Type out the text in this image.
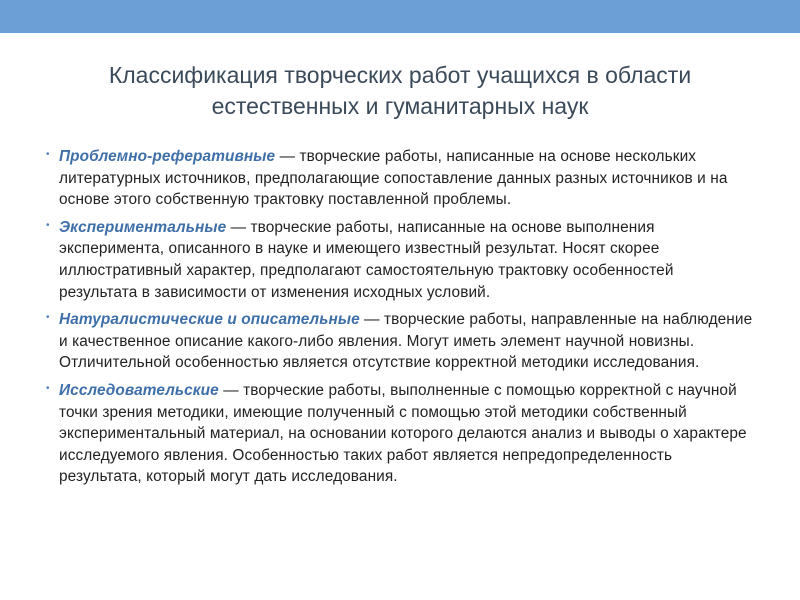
Классификация творческих работ учащихся в области естественных и гуманитарных наук
• Проблемно-реферативные — творческие работы, написанные на основе нескольких литературных источников, предполагающие сопоставление данных разных источников и на основе этого собственную трактовку поставленной проблемы.
• Экспериментальные — творческие работы, написанные на основе выполнения эксперимента, описанного в науке и имеющего известный результат. Носят скорее иллюстративный характер, предполагают самостоятельную трактовку особенностей результата в зависимости от изменения исходных условий.
• Натуралистические и описательные — творческие работы, направленные на наблюдение и качественное описание какого-либо явления. Могут иметь элемент научной новизны. Отличительной особенностью является отсутствие корректной методики исследования.
• Исследовательские — творческие работы, выполненные с помощью корректной с научной точки зрения методики, имеющие полученный с помощью этой методики собственный экспериментальный материал, на основании которого делаются анализ и выводы о характере исследуемого явления. Особенностью таких работ является непредопределенность результата, который могут дать исследования.
